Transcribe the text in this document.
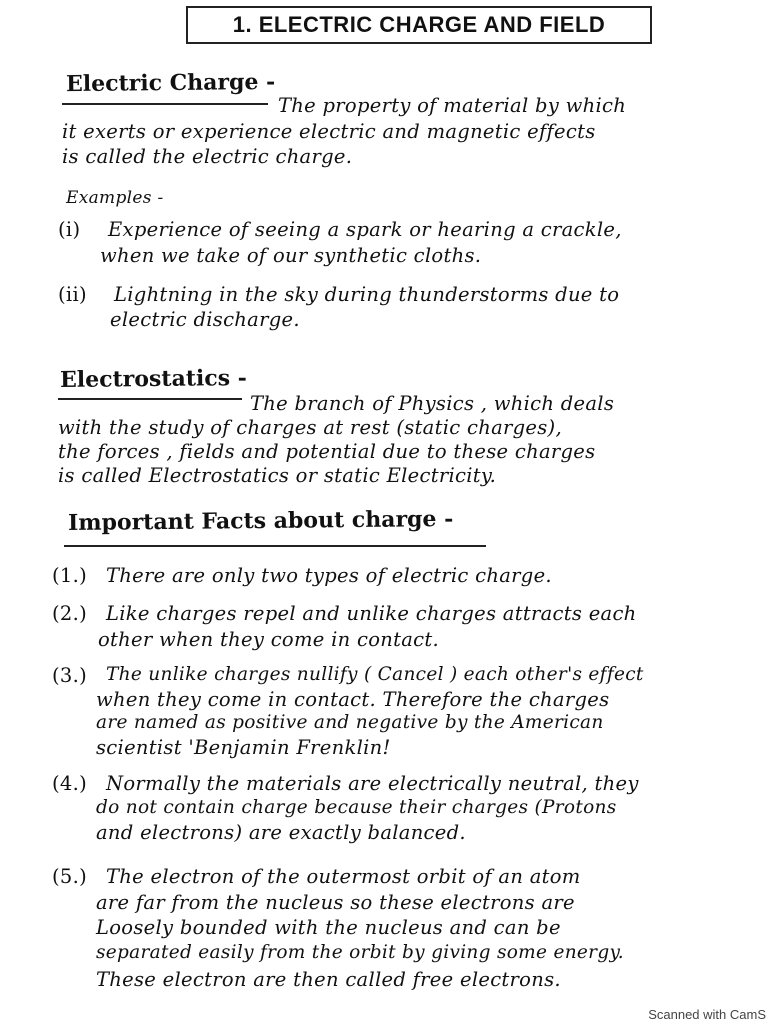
1. ELECTRIC CHARGE AND FIELD
Electric Charge -
The property of material by which
it exerts or experience electric and magnetic effects
is called the electric charge.
Examples -
(i) Experience of seeing a spark or hearing a crackle,
when we take of our synthetic cloths.
(ii) Lightning in the sky during thunderstorms due to
electric discharge.
Electrostatics -
The branch of Physics , which deals
with the study of charges at rest (static charges),
the forces , fields and potential due to these charges
is called Electrostatics or static Electricity.
Important Facts about charge -
(1.) There are only two types of electric charge.
(2.) Like charges repel and unlike charges attracts each
other when they come in contact.
(3.) The unlike charges nullify ( Cancel ) each other's effect
when they come in contact. Therefore the charges
are named as positive and negative by the American
scientist 'Benjamin Frenklin!
(4.) Normally the materials are electrically neutral, they
do not contain charge because their charges (Protons
and electrons) are exactly balanced.
(5.) The electron of the outermost orbit of an atom
are far from the nucleus so these electrons are
Loosely bounded with the nucleus and can be
separated easily from the orbit by giving some energy.
These electron are then called free electrons.
Scanned with CamS
